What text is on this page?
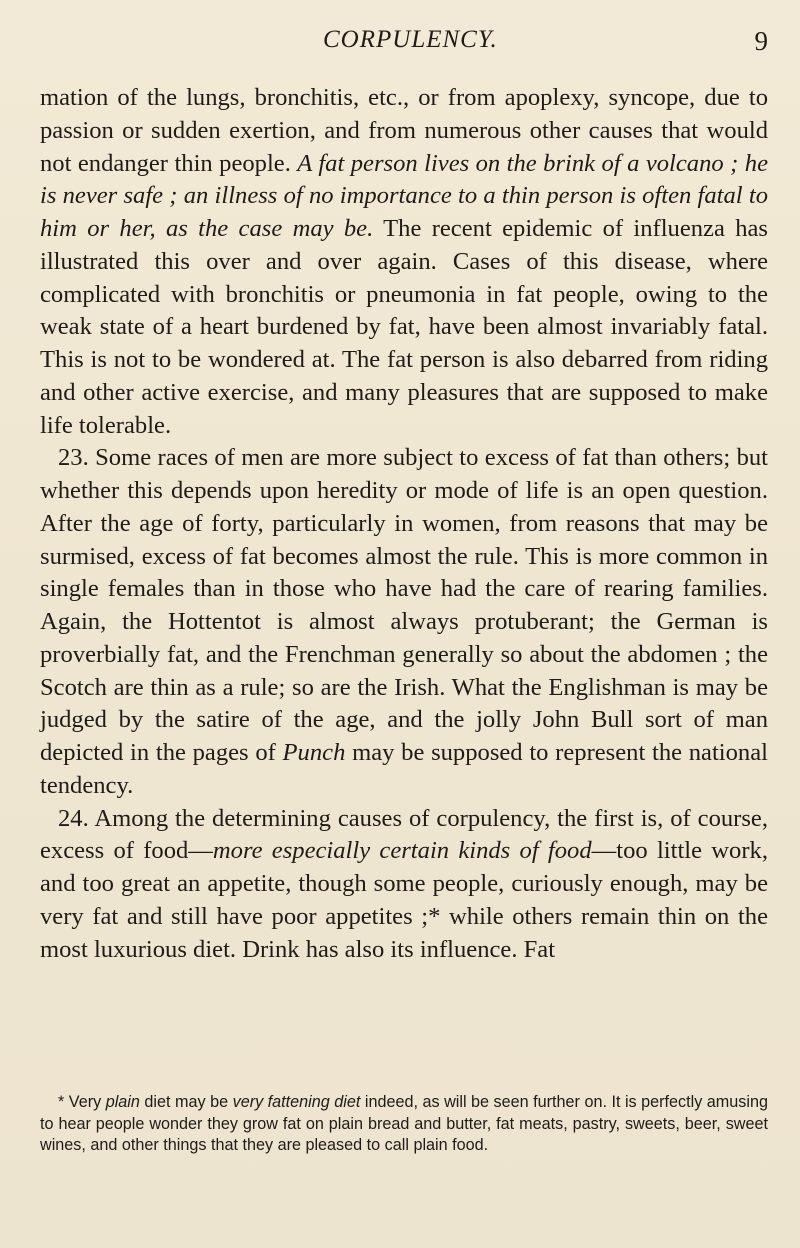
CORPULENCY.	9

mation of the lungs, bronchitis, etc., or from apoplexy, syncope, due to passion or sudden exertion, and from numerous other causes that would not endanger thin people. A fat person lives on the brink of a volcano ; he is never safe ; an illness of no importance to a thin person is often fatal to him or her, as the case may be. The recent epidemic of influenza has illustrated this over and over again. Cases of this disease, where complicated with bronchitis or pneumonia in fat people, owing to the weak state of a heart burdened by fat, have been almost invariably fatal. This is not to be wondered at. The fat person is also debarred from riding and other active exercise, and many pleasures that are supposed to make life tolerable.

23. Some races of men are more subject to excess of fat than others; but whether this depends upon heredity or mode of life is an open question. After the age of forty, particularly in women, from reasons that may be surmised, excess of fat becomes almost the rule. This is more common in single females than in those who have had the care of rearing families. Again, the Hottentot is almost always protuberant; the German is proverbially fat, and the Frenchman generally so about the abdomen ; the Scotch are thin as a rule; so are the Irish. What the Englishman is may be judged by the satire of the age, and the jolly John Bull sort of man depicted in the pages of Punch may be supposed to represent the national tendency.

24. Among the determining causes of corpulency, the first is, of course, excess of food—more especially certain kinds of food—too little work, and too great an appetite, though some people, curiously enough, may be very fat and still have poor appetites ;* while others remain thin on the most luxurious diet. Drink has also its influence. Fat

* Very plain diet may be very fattening diet indeed, as will be seen further on. It is perfectly amusing to hear people wonder they grow fat on plain bread and butter, fat meats, pastry, sweets, beer, sweet wines, and other things that they are pleased to call plain food.
